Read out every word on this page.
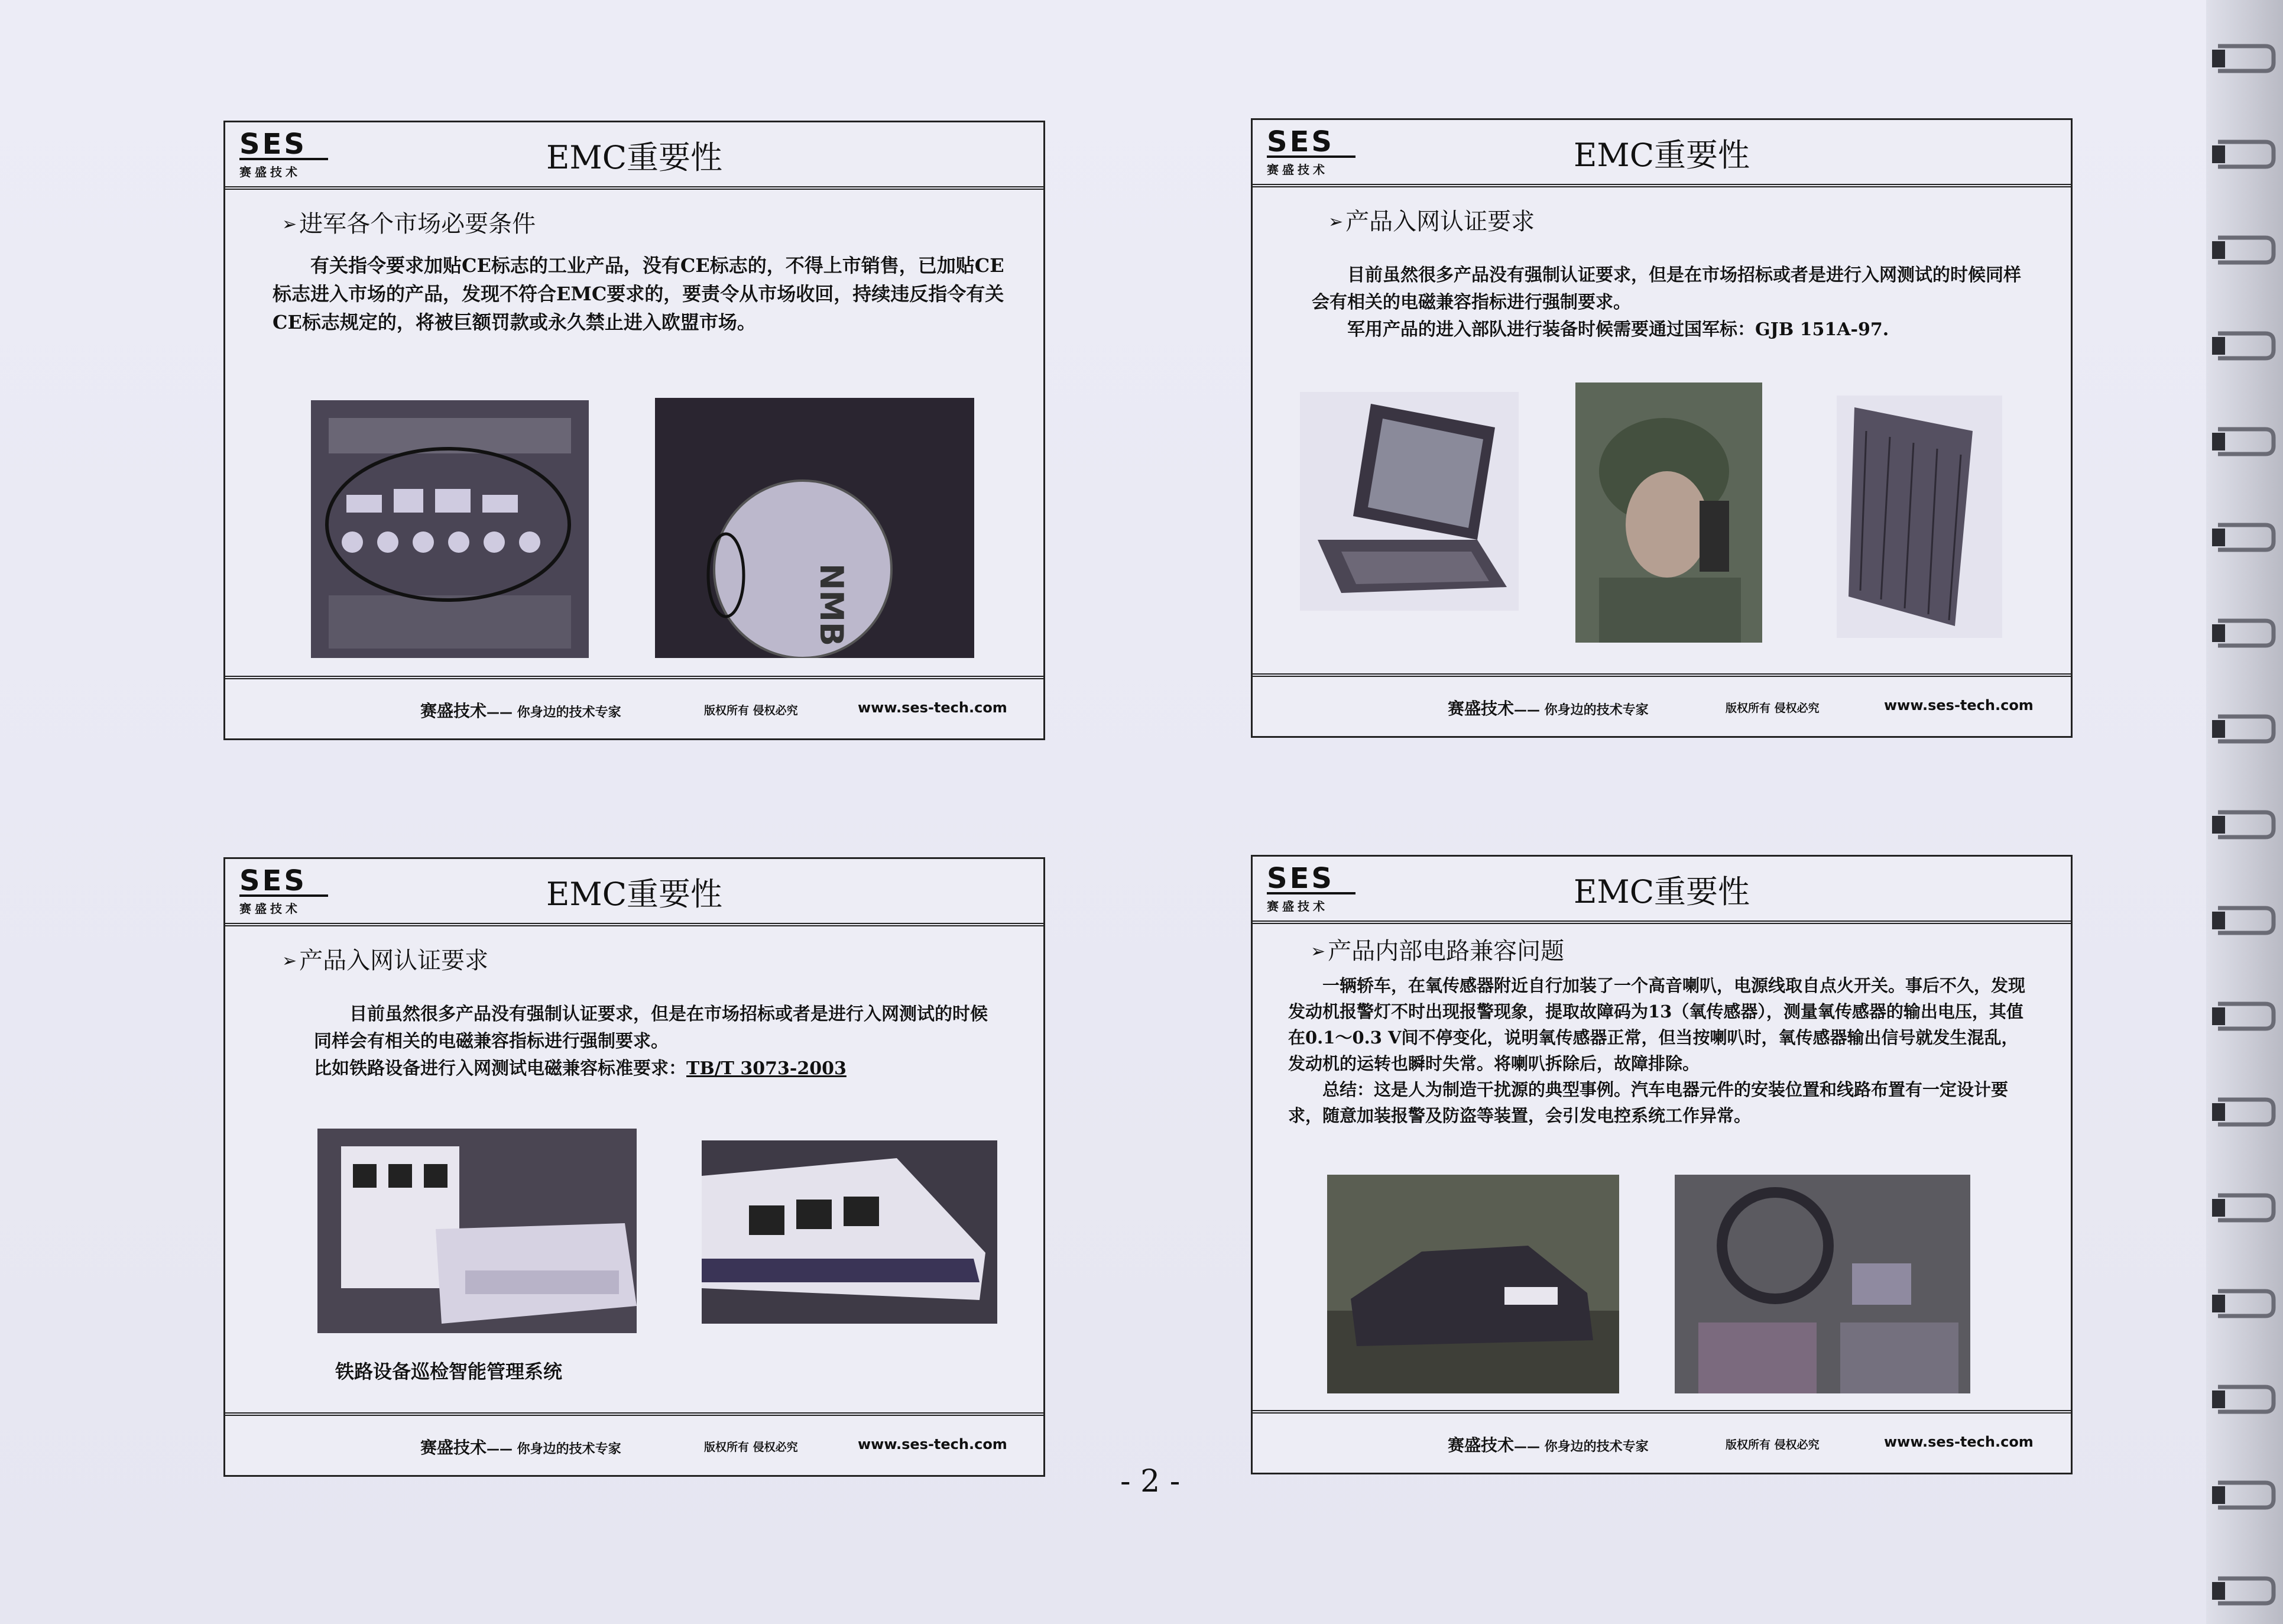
SES
赛盛技术	EMC重要性
➢ 进军各个市场必要条件

有关指令要求加贴CE标志的工业产品，没有CE标志的，不得上市销售，已加贴CE标志进入市场的产品，发现不符合EMC要求的，要责令从市场收回，持续违反指令有关CE标志规定的，将被巨额罚款或永久禁止进入欧盟市场。

NMB
赛盛技术—— 你身边的技术专家	版权所有 侵权必究	www.ses-tech.com
SES
赛盛技术	EMC重要性
➢ 产品入网认证要求

目前虽然很多产品没有强制认证要求，但是在市场招标或者是进行入网测试的时候同样会有相关的电磁兼容指标进行强制要求。

军用产品的进入部队进行装备时候需要通过国军标：GJB 151A-97.

赛盛技术—— 你身边的技术专家	版权所有 侵权必究	www.ses-tech.com
SES
赛盛技术	EMC重要性
➢ 产品入网认证要求

目前虽然很多产品没有强制认证要求，但是在市场招标或者是进行入网测试的时候同样会有相关的电磁兼容指标进行强制要求。

比如铁路设备进行入网测试电磁兼容标准要求：TB/T 3073-2003

铁路设备巡检智能管理系统
赛盛技术—— 你身边的技术专家	版权所有 侵权必究	www.ses-tech.com
SES
赛盛技术	EMC重要性
➢ 产品内部电路兼容问题

一辆轿车，在氧传感器附近自行加装了一个高音喇叭，电源线取自点火开关。事后不久，发现发动机报警灯不时出现报警现象，提取故障码为13（氧传感器），测量氧传感器的输出电压，其值在0.1～0.3 V间不停变化，说明氧传感器正常，但当按喇叭时，氧传感器输出信号就发生混乱，发动机的运转也瞬时失常。将喇叭拆除后，故障排除。

总结：这是人为制造干扰源的典型事例。汽车电器元件的安装位置和线路布置有一定设计要求，随意加装报警及防盗等装置，会引发电控系统工作异常。

赛盛技术—— 你身边的技术专家	版权所有 侵权必究	www.ses-tech.com
- 2 -
